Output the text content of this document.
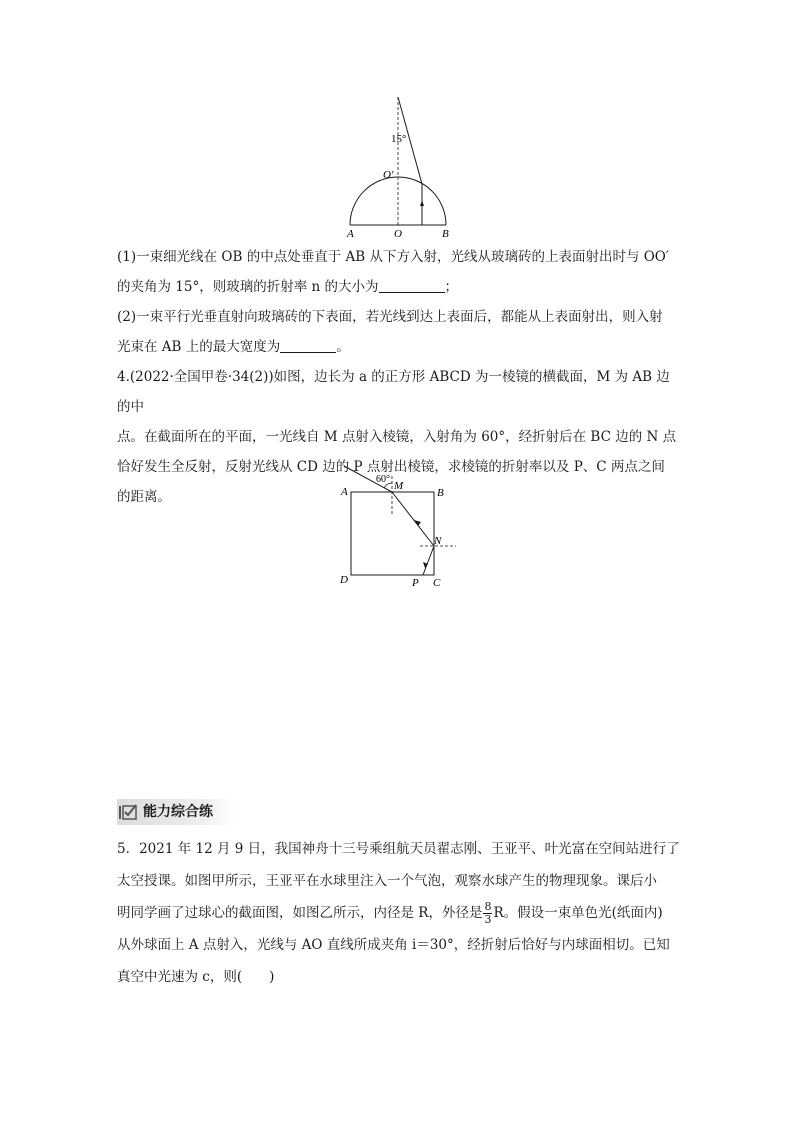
15°
O′
A	O	B

(1)一束细光线在 OB 的中点处垂直于 AB 从下方入射，光线从玻璃砖的上表面射出时与 OO′

的夹角为 15°，则玻璃的折射率 n 的大小为	；

(2)一束平行光垂直射向玻璃砖的下表面，若光线到达上表面后，都能从上表面射出，则入射

光束在 AB 上的最大宽度为	。

4.(2022·全国甲卷·34(2))如图，边长为 a 的正方形 ABCD 为一棱镜的横截面，M 为 AB 边的中

点。在截面所在的平面，一光线自 M 点射入棱镜，入射角为 60°，经折射后在 BC 边的 N 点

恰好发生全反射，反射光线从 CD 边的 P 点射出棱镜，求棱镜的折射率以及 P、C 两点之间

的距离。

60°
A	M
B
N
D	P C
能力综合练

5．2021 年 12 月 9 日，我国神舟十三号乘组航天员翟志刚、王亚平、叶光富在空间站进行了

太空授课。如图甲所示，王亚平在水球里注入一个气泡，观察水球产生的物理现象。课后小

明同学画了过球心的截面图，如图乙所示，内径是 R，外径是 $\frac{8}{3}$ R。假设一束单色光(纸面内)

从外球面上 A 点射入，光线与 AO 直线所成夹角 i＝30°，经折射后恰好与内球面相切。已知

真空中光速为 c，则(　　)
